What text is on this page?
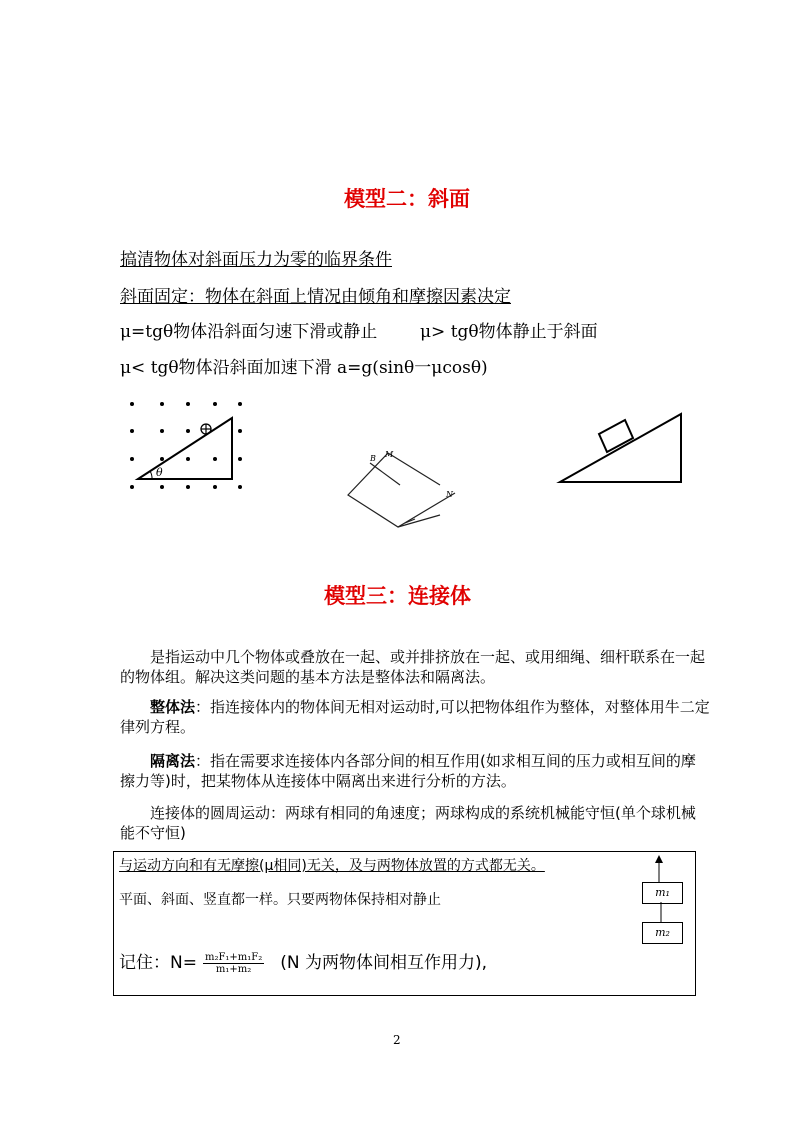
模型二：斜面
搞清物体对斜面压力为零的临界条件
斜面固定：物体在斜面上情况由倾角和摩擦因素决定
μ=tgθ物体沿斜面匀速下滑或静止	μ> tgθ物体静止于斜面
μ< tgθ物体沿斜面加速下滑 a=g(sinθ一μcosθ)
θ
B M
N
模型三：连接体
是指运动中几个物体或叠放在一起、或并排挤放在一起、或用细绳、细杆联系在一起的物体组。解决这类问题的基本方法是整体法和隔离法。
整体法：指连接体内的物体间无相对运动时,可以把物体组作为整体，对整体用牛二定律列方程。
隔离法：指在需要求连接体内各部分间的相互作用(如求相互间的压力或相互间的摩擦力等)时，把某物体从连接体中隔离出来进行分析的方法。
连接体的圆周运动：两球有相同的角速度；两球构成的系统机械能守恒(单个球机械能不守恒)
与运动方向和有无摩擦(μ相同)无关，及与两物体放置的方式都无关。
平面、斜面、竖直都一样。只要两物体保持相对静止
记住：$N= \frac{\text{m₂F₁+m₁F₂}}{\text{m₁+m₂}} (N$ 为两物体间相互作用力),
m₁
m₂
2
